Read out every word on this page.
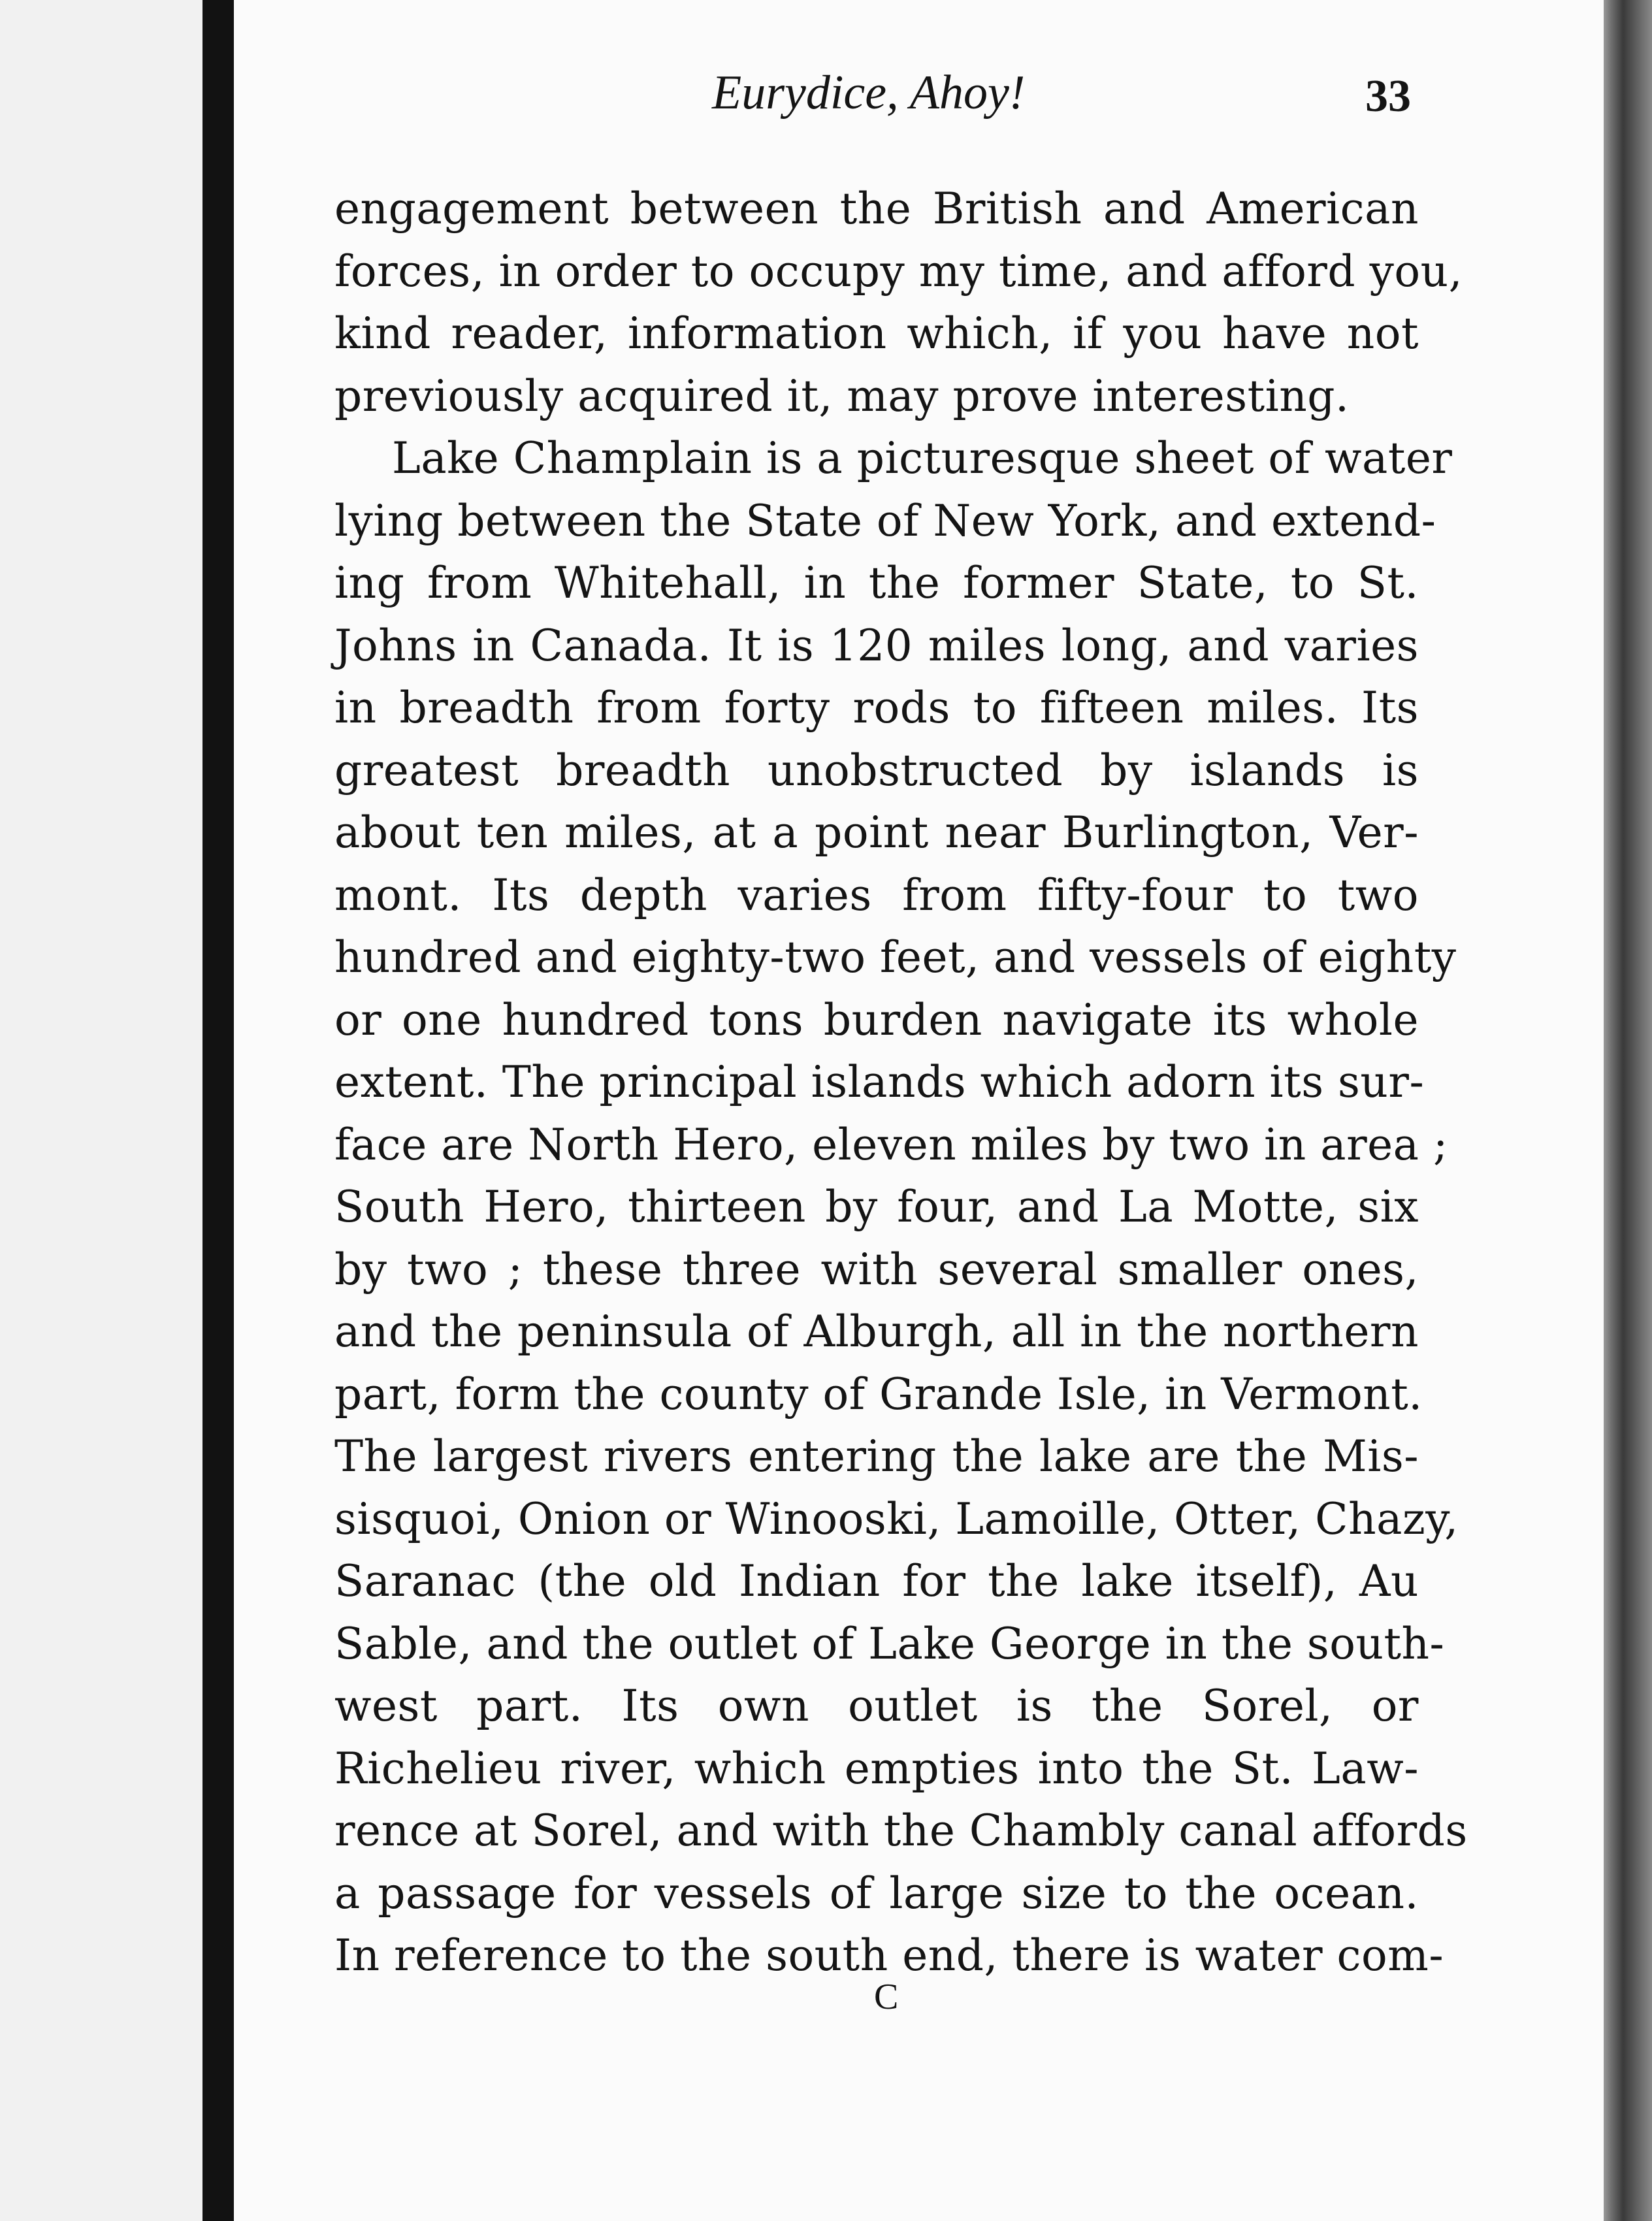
Eurydice, Ahoy!	33
engagement between the British and American
forces, in order to occupy my time, and afford you,
kind reader, information which, if you have not
previously acquired it, may prove interesting.
Lake Champlain is a picturesque sheet of water
lying between the State of New York, and extend-
ing from Whitehall, in the former State, to St.
Johns in Canada. It is 120 miles long, and varies
in breadth from forty rods to fifteen miles. Its
greatest breadth unobstructed by islands is
about ten miles, at a point near Burlington, Ver-
mont. Its depth varies from fifty-four to two
hundred and eighty-two feet, and vessels of eighty
or one hundred tons burden navigate its whole
extent. The principal islands which adorn its sur-
face are North Hero, eleven miles by two in area ;
South Hero, thirteen by four, and La Motte, six
by two ; these three with several smaller ones,
and the peninsula of Alburgh, all in the northern
part, form the county of Grande Isle, in Vermont.
The largest rivers entering the lake are the Mis-
sisquoi, Onion or Winooski, Lamoille, Otter, Chazy,
Saranac (the old Indian for the lake itself), Au
Sable, and the outlet of Lake George in the south-
west part. Its own outlet is the Sorel, or
Richelieu river, which empties into the St. Law-
rence at Sorel, and with the Chambly canal affords
a passage for vessels of large size to the ocean.
In reference to the south end, there is water com-
C
